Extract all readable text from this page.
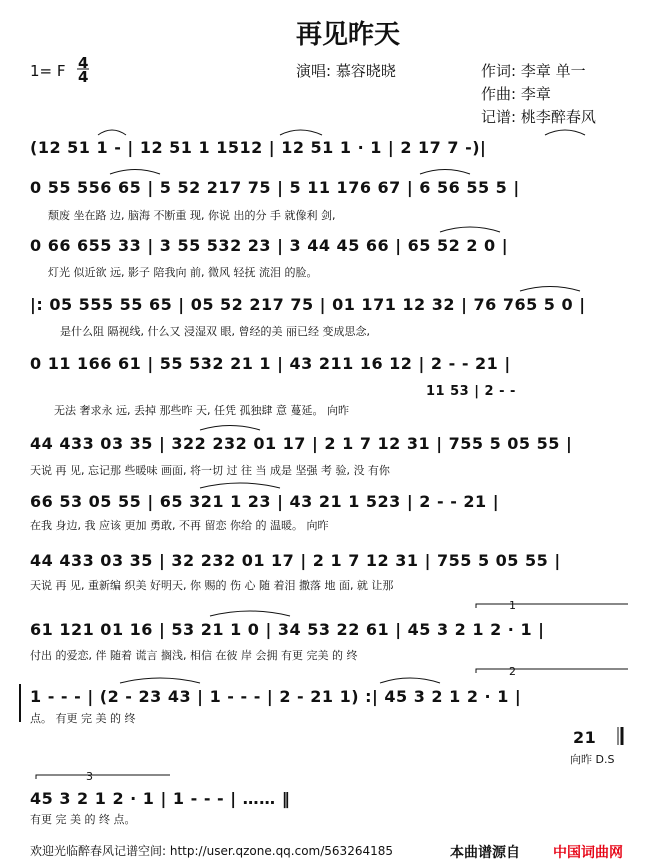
再见昨天
1= F 4
4	演唱: 慕容晓晓	作词: 李章 单一
作曲: 李章
记谱: 桃李醉春风
(12 51 1 - | 12 51 1 1512 | 12 51 1 · 1 | 2 17 7 -)|
0 55 556 65 | 5 52 217 75 | 5 11 176 67 | 6 56 55 5 |
颓废 坐在路 边, 脑海 不断重 现, 你说 出的分 手 就像利 剑,
0 66 655 33 | 3 55 532 23 | 3 44 45 66 | 65 52 2 0 |
灯光 似近欲 远, 影子 陪我向 前, 微风 轻抚 流泪 的脸。
|: 05 555 55 65 | 05 52 217 75 | 01 171 12 32 | 76 765 5 0 |
是什么阻 隔视线, 什么又 浸湿双 眼, 曾经的美 丽已经 变成思念,
0 11 166 61 | 55 532 21 1 | 43 211 16 12 | 2 - - 21 |
11 53 | 2 - -
无法 奢求永 远, 丢掉 那些昨 天, 任凭 孤独肆 意 蔓延。 向昨
44 433 03 35 | 322 232 01 17 | 2 1 7 12 31 | 755 5 05 55 |
天说 再 见, 忘记那 些暖味 画面, 将一切 过 往 当 成是 坚强 考 验, 没 有你
66 53 05 55 | 65 321 1 23 | 43 21 1 523 | 2 - - 21 |
在我 身边, 我 应该 更加 勇敢, 不再 留恋 你给 的 温暖。 向昨
44 433 03 35 | 32 232 01 17 | 2 1 7 12 31 | 755 5 05 55 |
天说 再 见, 重新编 织美 好明天, 你 赐的 伤 心 随 着泪 撒落 地 面, 就 让那
1
61 121 01 16 | 53 21 1 0 | 34 53 22 61 | 45 3 2 1 2 · 1 |
付出 的爱恋, 伴 随着 谎言 搁浅, 相信 在彼 岸 会拥 有更 完美 的 终
2
1 - - - | (2 - 23 43 | 1 - - - | 2 - 21 1) :| 45 3 2 1 2 · 1 |
点。 有更 完 美 的 终
21
向昨 D.S
3
45 3 2 1 2 · 1 | 1 - - - | …… ‖
有更 完 美 的 终 点。
欢迎光临醉春风记谱空间: http://user.qzone.qq.com/563264185	本曲谱源自 中国词曲网
